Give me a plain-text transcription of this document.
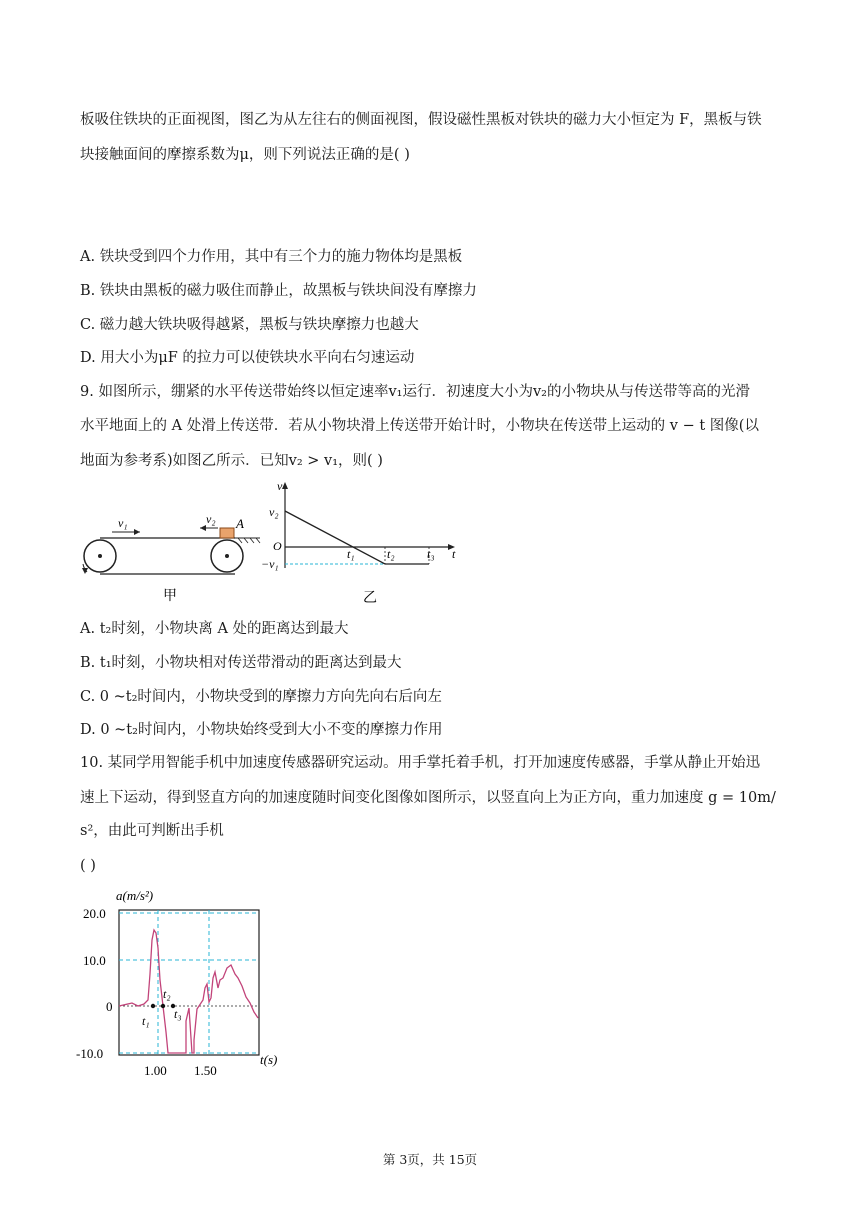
板吸住铁块的正面视图，图乙为从左往右的侧面视图，假设磁性黑板对铁块的磁力大小恒定为 F，黑板与铁
块接触面间的摩擦系数为μ，则下列说法正确的是( )
A. 铁块受到四个力作用，其中有三个力的施力物体均是黑板
B. 铁块由黑板的磁力吸住而静止，故黑板与铁块间没有摩擦力
C. 磁力越大铁块吸得越紧，黑板与铁块摩擦力也越大
D. 用大小为μF 的拉力可以使铁块水平向右匀速运动
9. 如图所示，绷紧的水平传送带始终以恒定速率v₁运行．初速度大小为v₂的小物块从与传送带等高的光滑
水平地面上的 A 处滑上传送带．若从小物块滑上传送带开始计时，小物块在传送带上运动的 v − t 图像(以
地面为参考系)如图乙所示．已知v₂ > v₁，则( )
v₁	v₂ A
甲
v
v₂
O
−v₁
t₁	t₂	t₃ t
乙
A. t₂时刻，小物块离 A 处的距离达到最大
B. t₁时刻，小物块相对传送带滑动的距离达到最大
C. 0 ~t₂时间内，小物块受到的摩擦力方向先向右后向左
D. 0 ~t₂时间内，小物块始终受到大小不变的摩擦力作用
10. 某同学用智能手机中加速度传感器研究运动。用手掌托着手机，打开加速度传感器，手掌从静止开始迅
速上下运动，得到竖直方向的加速度随时间变化图像如图所示，以竖直向上为正方向，重力加速度 g = 10m/
s²，由此可判断出手机
( )
a(m/s²)
20.0
10.0
0
-10.0
1.00 1.50
t(s)
t₁
t₂
t₃
第 3页，共 15页
